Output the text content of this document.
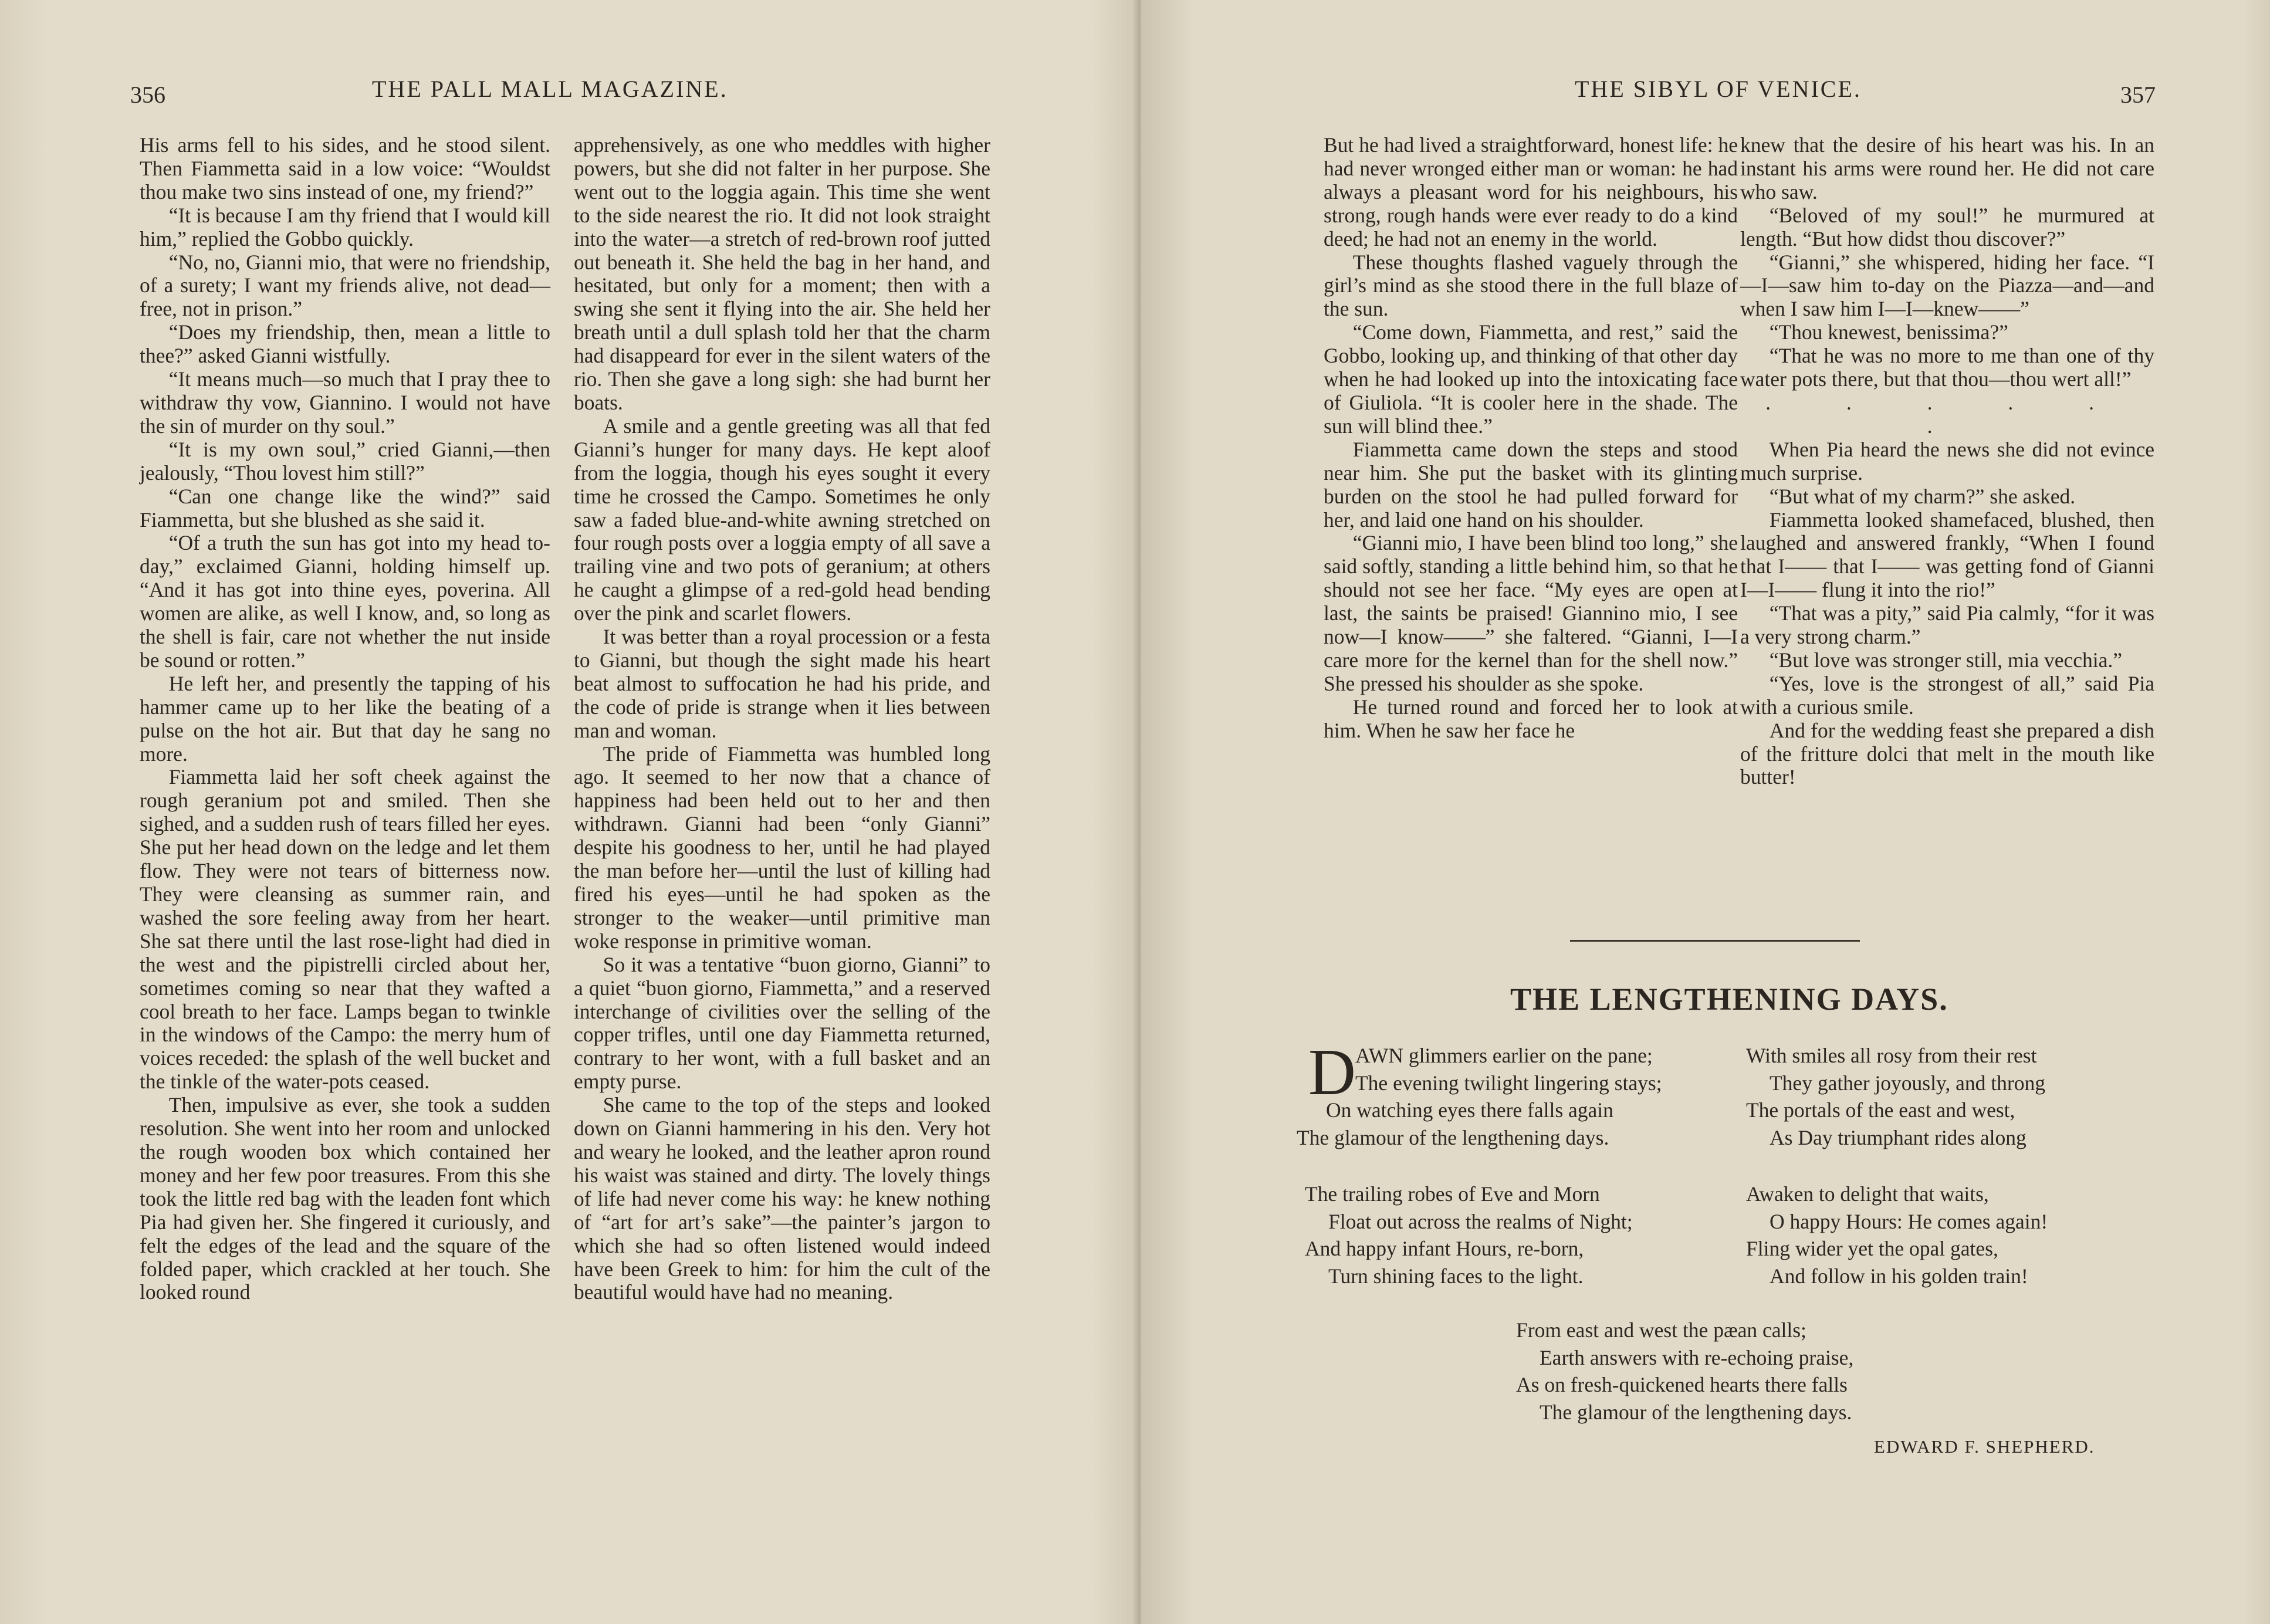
356	THE PALL MALL MAGAZINE.

His arms fell to his sides, and he stood silent. Then Fiammetta said in a low voice: “Wouldst thou make two sins instead of one, my friend?”

“It is because I am thy friend that I would kill him,” replied the Gobbo quickly.

“No, no, Gianni mio, that were no friendship, of a surety; I want my friends alive, not dead—free, not in prison.”

“Does my friendship, then, mean a little to thee?” asked Gianni wistfully.

“It means much—so much that I pray thee to withdraw thy vow, Giannino. I would not have the sin of murder on thy soul.”

“It is my own soul,” cried Gianni,—then jealously, “Thou lovest him still?”

“Can one change like the wind?” said Fiammetta, but she blushed as she said it.

“Of a truth the sun has got into my head to-day,” exclaimed Gianni, holding himself up. “And it has got into thine eyes, poverina. All women are alike, as well I know, and, so long as the shell is fair, care not whether the nut inside be sound or rotten.”

He left her, and presently the tapping of his hammer came up to her like the beating of a pulse on the hot air. But that day he sang no more.

Fiammetta laid her soft cheek against the rough geranium pot and smiled. Then she sighed, and a sudden rush of tears filled her eyes. She put her head down on the ledge and let them flow. They were not tears of bitterness now. They were cleansing as summer rain, and washed the sore feeling away from her heart. She sat there until the last rose-light had died in the west and the pipistrelli circled about her, sometimes coming so near that they wafted a cool breath to her face. Lamps began to twinkle in the windows of the Campo: the merry hum of voices receded: the splash of the well bucket and the tinkle of the water-pots ceased.

Then, impulsive as ever, she took a sudden resolution. She went into her room and unlocked the rough wooden box which contained her money and her few poor treasures. From this she took the little red bag with the leaden font which Pia had given her. She fingered it curiously, and felt the edges of the lead and the square of the folded paper, which crackled at her touch. She looked round

apprehensively, as one who meddles with higher powers, but she did not falter in her purpose. She went out to the loggia again. This time she went to the side nearest the rio. It did not look straight into the water—a stretch of red-brown roof jutted out beneath it. She held the bag in her hand, and hesitated, but only for a moment; then with a swing she sent it flying into the air. She held her breath until a dull splash told her that the charm had disappeard for ever in the silent waters of the rio. Then she gave a long sigh: she had burnt her boats.

A smile and a gentle greeting was all that fed Gianni’s hunger for many days. He kept aloof from the loggia, though his eyes sought it every time he crossed the Campo. Sometimes he only saw a faded blue-and-white awning stretched on four rough posts over a loggia empty of all save a trailing vine and two pots of geranium; at others he caught a glimpse of a red-gold head bending over the pink and scarlet flowers.

It was better than a royal procession or a festa to Gianni, but though the sight made his heart beat almost to suffocation he had his pride, and the code of pride is strange when it lies between man and woman.

The pride of Fiammetta was humbled long ago. It seemed to her now that a chance of happiness had been held out to her and then withdrawn. Gianni had been “only Gianni” despite his goodness to her, until he had played the man before her—until the lust of killing had fired his eyes—until he had spoken as the stronger to the weaker—until primitive man woke response in primitive woman.

So it was a tentative “buon giorno, Gianni” to a quiet “buon giorno, Fiammetta,” and a reserved interchange of civilities over the selling of the copper trifles, until one day Fiammetta returned, contrary to her wont, with a full basket and an empty purse.

She came to the top of the steps and looked down on Gianni hammering in his den. Very hot and weary he looked, and the leather apron round his waist was stained and dirty. The lovely things of life had never come his way: he knew nothing of “art for art’s sake”—the painter’s jargon to which she had so often listened would indeed have been Greek to him: for him the cult of the beautiful would have had no meaning.

THE SIBYL OF VENICE.	357

But he had lived a straightforward, honest life: he had never wronged either man or woman: he had always a pleasant word for his neighbours, his strong, rough hands were ever ready to do a kind deed; he had not an enemy in the world.

These thoughts flashed vaguely through the girl’s mind as she stood there in the full blaze of the sun.

“Come down, Fiammetta, and rest,” said the Gobbo, looking up, and thinking of that other day when he had looked up into the intoxicating face of Giuliola. “It is cooler here in the shade. The sun will blind thee.”

Fiammetta came down the steps and stood near him. She put the basket with its glinting burden on the stool he had pulled forward for her, and laid one hand on his shoulder.

“Gianni mio, I have been blind too long,” she said softly, standing a little behind him, so that he should not see her face. “My eyes are open at last, the saints be praised! Giannino mio, I see now—I know——” she faltered. “Gianni, I—I care more for the kernel than for the shell now.” She pressed his shoulder as she spoke.

He turned round and forced her to look at him. When he saw her face he

knew that the desire of his heart was his. In an instant his arms were round her. He did not care who saw.

“Beloved of my soul!” he murmured at length. “But how didst thou discover?”

“Gianni,” she whispered, hiding her face. “I—I—saw him to-day on the Piazza—and—and when I saw him I—I—knew——”

“Thou knewest, benissima?”

“That he was no more to me than one of thy water pots there, but that thou—thou wert all!”

. . . . . .

When Pia heard the news she did not evince much surprise.

“But what of my charm?” she asked.

Fiammetta looked shamefaced, blushed, then laughed and answered frankly, “When I found that I—— that I—— was getting fond of Gianni I—I—— flung it into the rio!”

“That was a pity,” said Pia calmly, “for it was a very strong charm.”

“But love was stronger still, mia vecchia.”

“Yes, love is the strongest of all,” said Pia with a curious smile.

And for the wedding feast she prepared a dish of the fritture dolci that melt in the mouth like butter!

THE LENGTHENING DAYS.
D AWN glimmers earlier on the pane;
The evening twilight lingering stays;
On watching eyes there falls again
The glamour of the lengthening days.
With smiles all rosy from their rest
They gather joyously, and throng
The portals of the east and west,
As Day triumphant rides along
The trailing robes of Eve and Morn
Float out across the realms of Night;
And happy infant Hours, re-born,
Turn shining faces to the light.
Awaken to delight that waits,
O happy Hours: He comes again!
Fling wider yet the opal gates,
And follow in his golden train!
From east and west the pæan calls;
Earth answers with re-echoing praise,
As on fresh-quickened hearts there falls
The glamour of the lengthening days.
EDWARD F. SHEPHERD.
